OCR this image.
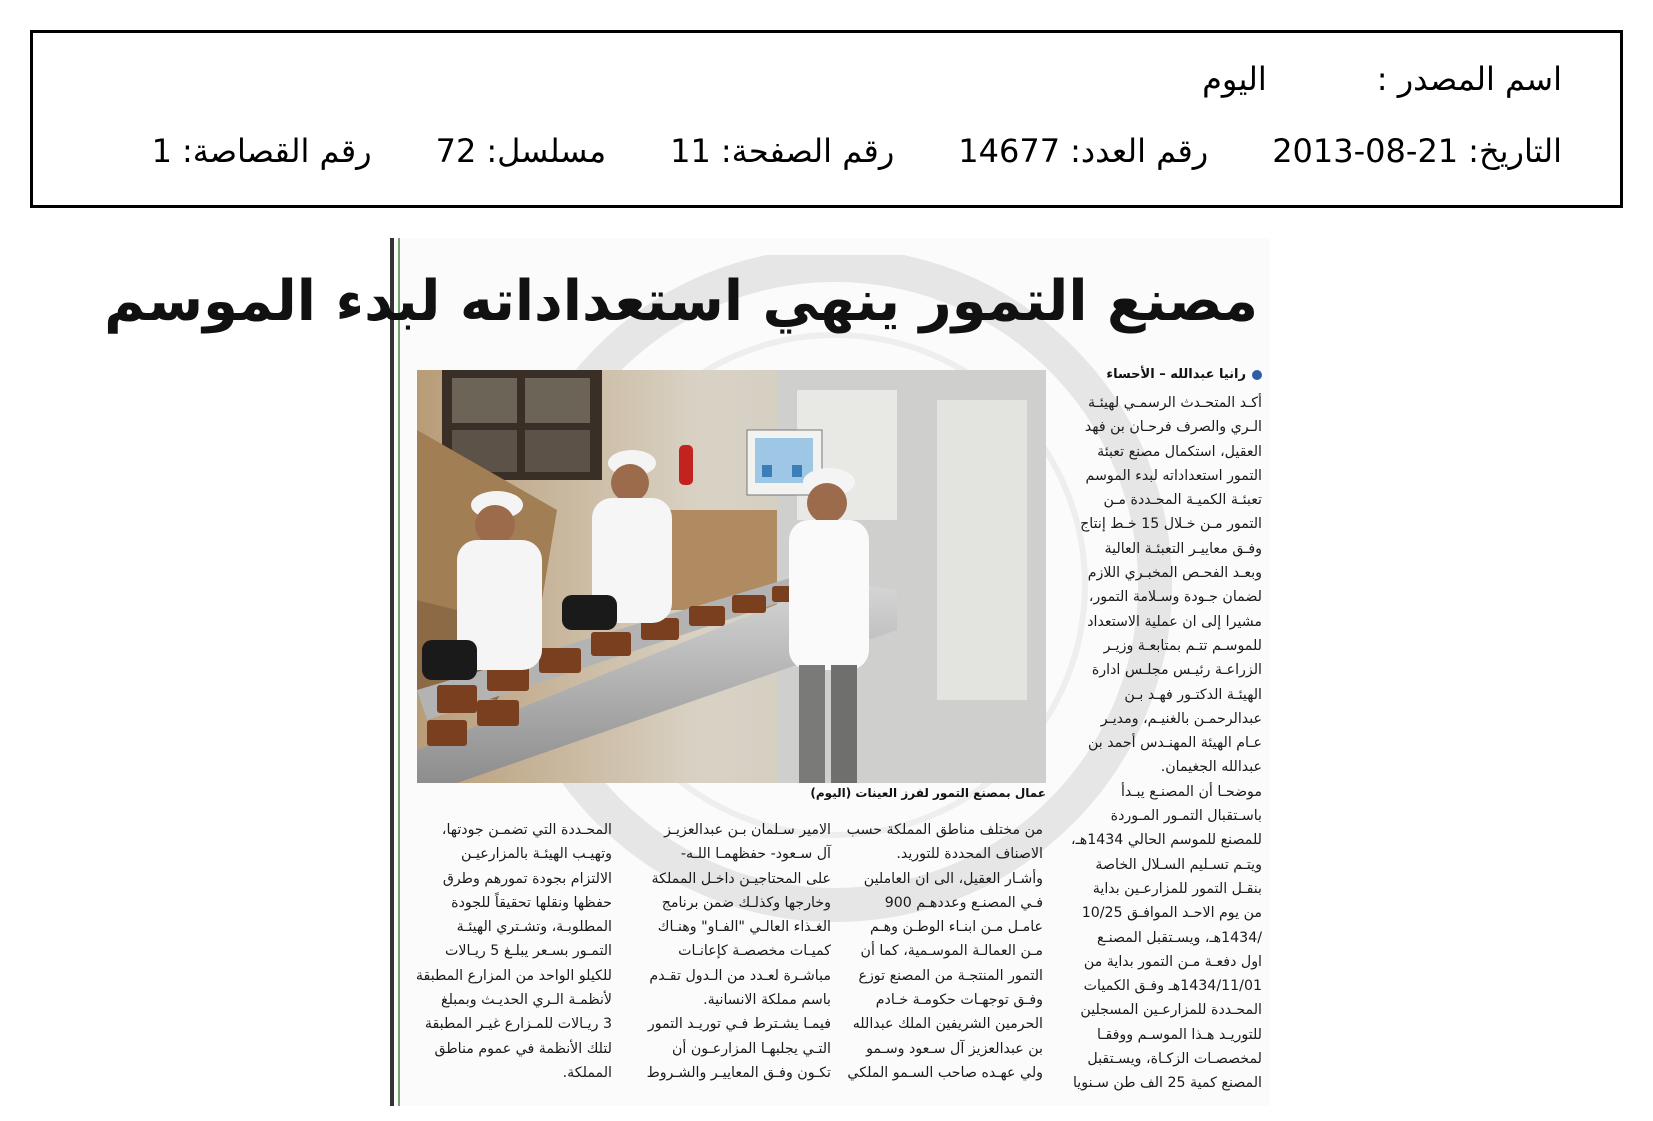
اسم المصدر :
اليوم
التاريخ:
2013-08-21
رقم العدد:
14677
رقم الصفحة:
11
مسلسل:
72
رقم القصاصة:
1
مصنع التمور ينهي استعداداته لبدء الموسم
عمال بمصنع التمور لفرز العينات (اليوم)
رانيا عبدالله – الأحساء

أكـد المتحـدث الرسمـي لهيئـة

الـري والصرف فرحـان بن فهد

العقيل، استكمال مصنع تعبئة

التمور استعداداته لبدء الموسم

تعبئـة الكميـة المحـددة مـن

التمور مـن خـلال 15 خـط إنتاج

وفـق معاييـر التعبئـة العالية

وبعـد الفحـص المخبـري اللازم

لضمان جـودة وسـلامة التمور،

مشيرا إلى ان عملية الاستعداد

للموسـم تتـم بمتابعـة وزيـر

الزراعـة رئيـس مجلـس ادارة

الهيئـة الدكتـور فهـد بـن

عبدالرحمـن بالغنيـم، ومديـر

عـام الهيئة المهنـدس أحمد بن

عبدالله الجغيمان.

موضحـا أن المصنـع يبـدأ

باسـتقبال التمـور المـوردة

للمصنع للموسم الحالي 1434هـ،

ويتـم تسـليم السـلال الخاصة

بنقـل التمور للمزارعـين بداية

من يوم الاحـد الموافـق 10/25

/1434هـ، ويسـتقبل المصنـع

اول دفعـة مـن التمور بداية من

1434/11/01هـ وفـق الكميات

المحـددة للمزارعـين المسجلين

للتوريـد هـذا الموسـم ووفقـا

لمخصصـات الزكـاة، ويسـتقبل

المصنع كمية 25 الف طن سـنويا

من مختلف مناطق المملكة حسب

الاصناف المحددة للتوريد.

وأشـار العقيل، الى ان العاملين

فـي المصنـع وعددهـم 900

عامـل مـن ابنـاء الوطـن وهـم

مـن العمالـة الموسـمية، كما أن

التمور المنتجـة من المصنع توزع

وفـق توجهـات حكومـة خـادم

الحرمين الشريفين الملك عبدالله

بن عبدالعزيز آل سـعود وسـمو

ولي عهـده صاحب السـمو الملكي

الامير سـلمان بـن عبدالعزيـز

آل سـعود- حفظهمـا اللـه-

على المحتاجيـن داخـل المملكة

وخارجها وكذلـك ضمن برنامج

الغـذاء العالـي "الفـاو" وهنـاك

كميـات مخصصـة كإعانـات

مباشـرة لعـدد من الـدول تقـدم

باسم مملكة الانسانية.

فيمـا يشـترط فـي توريـد التمور

التـي يجلبهـا المزارعـون أن

تكـون وفـق المعاييـر والشـروط

المحـددة التي تضمـن جودتها،

وتهيـب الهيئـة بالمزارعيـن

الالتزام بجودة تمورهم وطرق

حفظها ونقلها تحقيقاً للجودة

المطلوبـة، وتشـتري الهيئـة

التمـور بسـعر يبلـغ 5 ريـالات

للكيلو الواحد من المزارع المطبقة

لأنظمـة الـري الحديـث وبمبلغ

3 ريـالات للمـزارع غيـر المطبقة

لتلك الأنظمة في عموم مناطق

المملكة.
